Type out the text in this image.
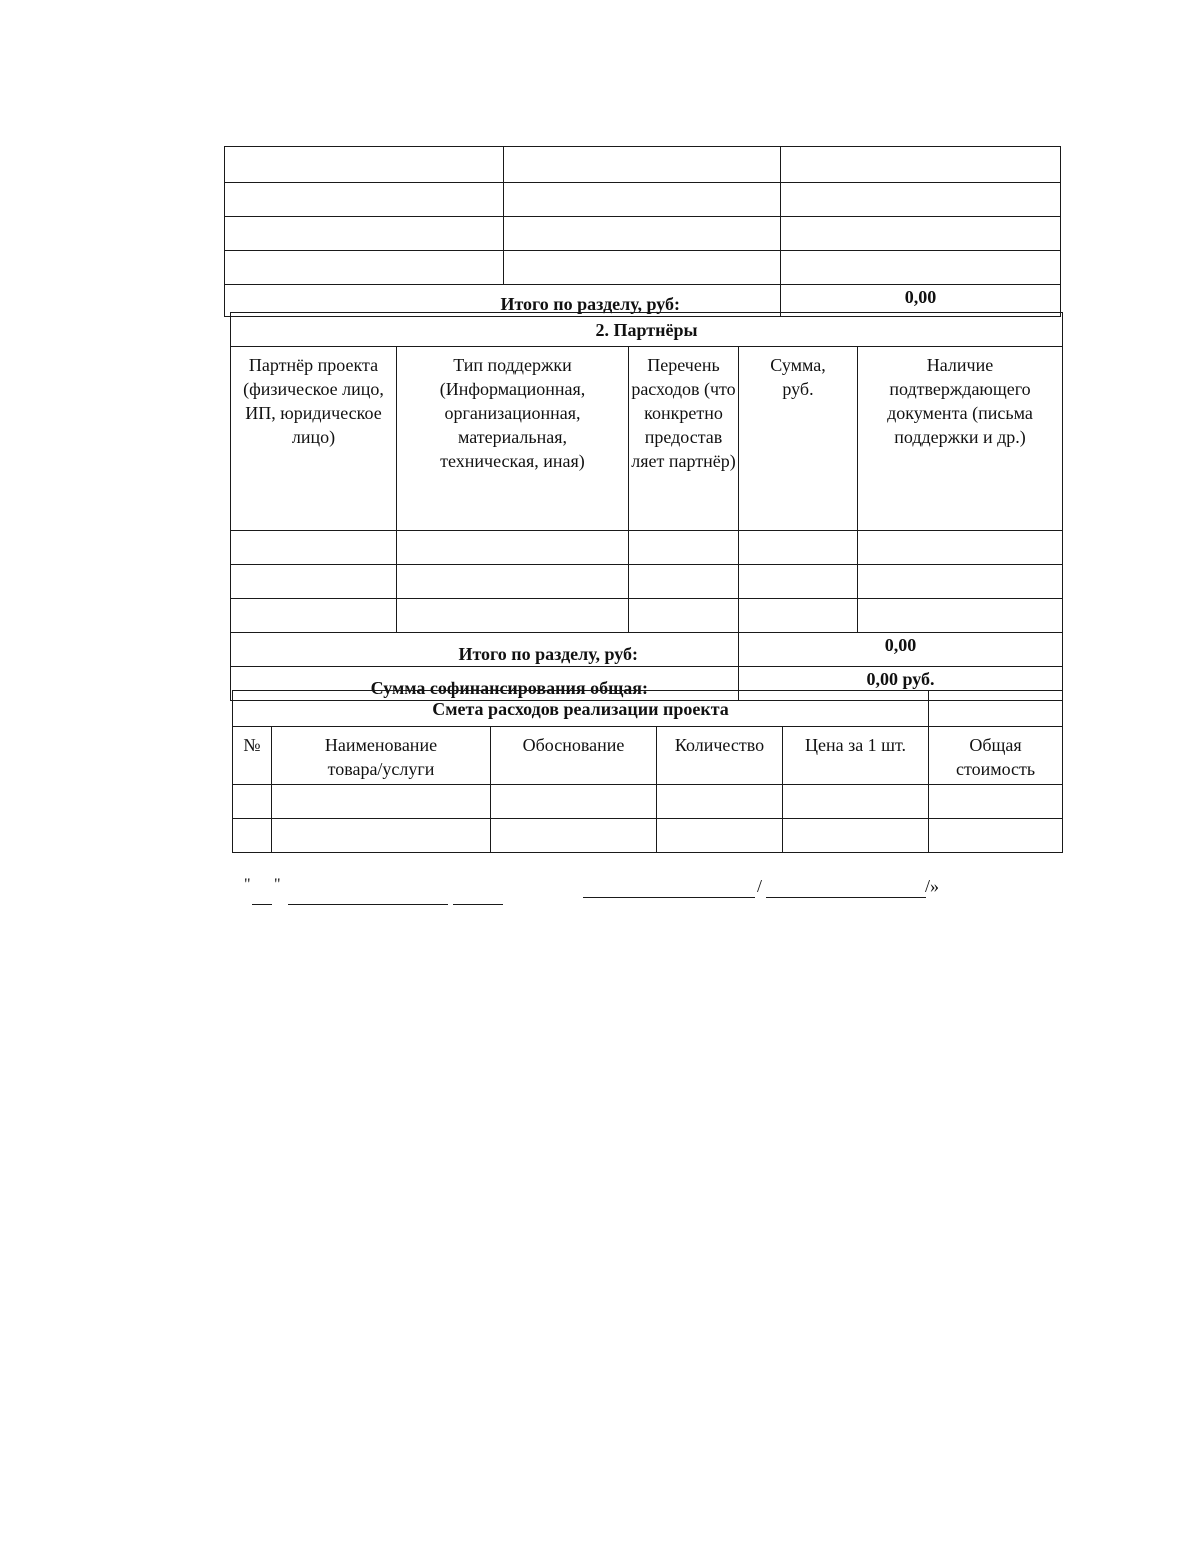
Итого по разделу, руб:		0,00
2. Партнёры				
Партнёр проекта (физическое лицо, ИП, юридическое лицо)	Тип поддержки (Информационная, организационная, материальная, техническая, иная)	Перечень расходов (что конкретно предостав ляет партнёр)	Сумма, руб.	Наличие подтверждающего документа (письма поддержки и др.)

Итого по разделу, руб:			0,00	
Сумма софинансирования общая:			0,00 руб.	
Смета расходов реализации проекта					
№	Наименование товара/услуги	Обоснование	Количество	Цена за 1 шт.	Общая стоимость

" "	/	/»
